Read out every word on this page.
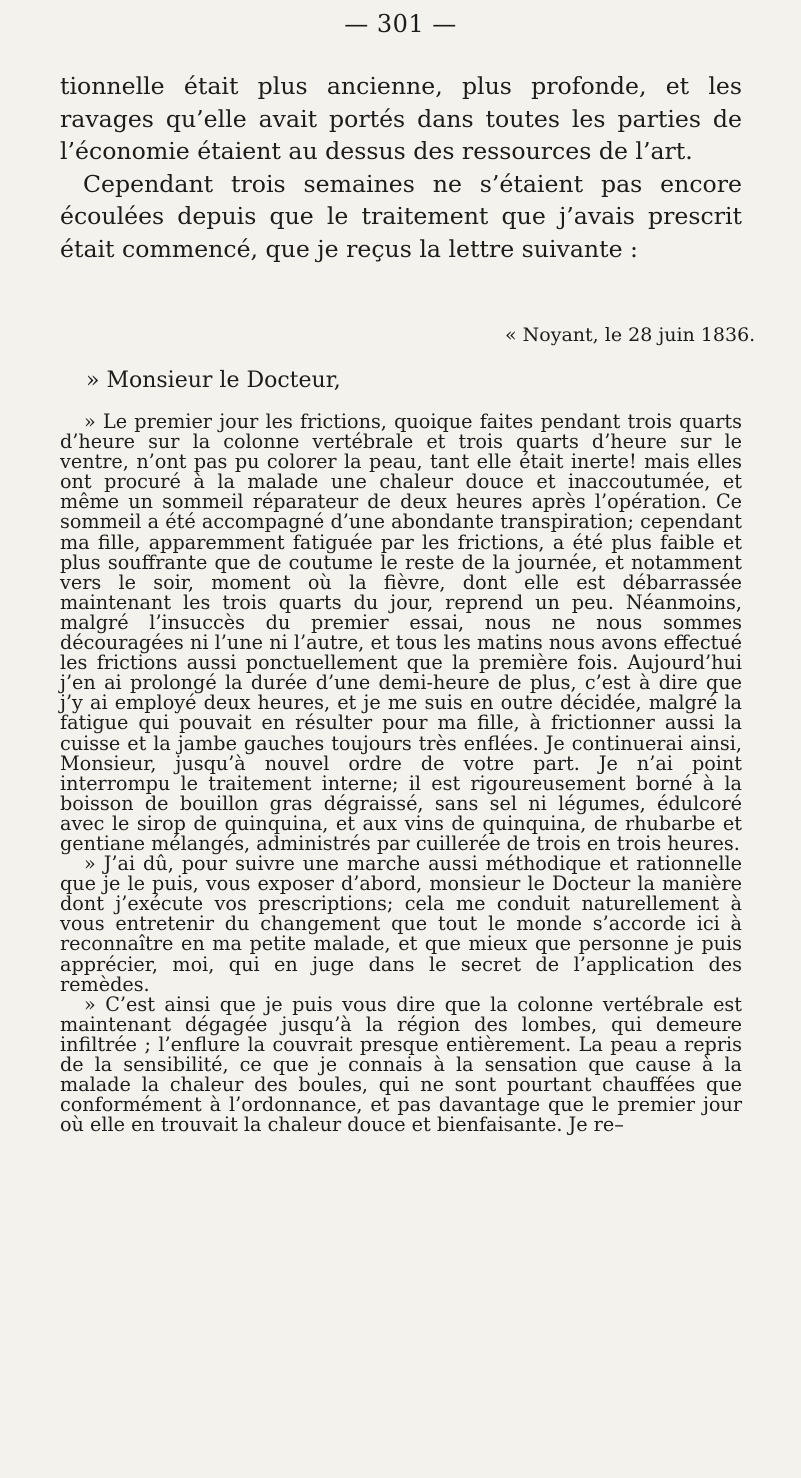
— 301 —

tionnelle était plus ancienne, plus profonde, et les ravages qu’elle avait portés dans toutes les parties de l’économie étaient au dessus des ressources de l’art.

Cependant trois semaines ne s’étaient pas encore écoulées depuis que le traitement que j’avais prescrit était commencé, que je reçus la lettre suivante :

« Noyant, le 28 juin 1836.
» Monsieur le Docteur,

» Le premier jour les frictions, quoique faites pendant trois quarts d’heure sur la colonne vertébrale et trois quarts d’heure sur le ventre, n’ont pas pu colorer la peau, tant elle était inerte! mais elles ont procuré à la malade une chaleur douce et inaccoutumée, et même un sommeil réparateur de deux heures après l’opération. Ce sommeil a été accompagné d’une abondante transpiration; cependant ma fille, apparemment fatiguée par les frictions, a été plus faible et plus souffrante que de coutume le reste de la journée, et notamment vers le soir, moment où la fièvre, dont elle est débarrassée maintenant les trois quarts du jour, reprend un peu. Néanmoins, malgré l’insuccès du premier essai, nous ne nous sommes découragées ni l’une ni l’autre, et tous les matins nous avons effectué les frictions aussi ponctuellement que la première fois. Aujourd’hui j’en ai prolongé la durée d’une demi-heure de plus, c’est à dire que j’y ai employé deux heures, et je me suis en outre décidée, malgré la fatigue qui pouvait en résulter pour ma fille, à frictionner aussi la cuisse et la jambe gauches toujours très enflées. Je continuerai ainsi, Monsieur, jusqu’à nouvel ordre de votre part. Je n’ai point interrompu le traitement interne; il est rigoureusement borné à la boisson de bouillon gras dégraissé, sans sel ni légumes, édulcoré avec le sirop de quinquina, et aux vins de quinquina, de rhubarbe et gentiane mélangés, administrés par cuillerée de trois en trois heures.

» J’ai dû, pour suivre une marche aussi méthodique et rationnelle que je le puis, vous exposer d’abord, monsieur le Docteur la manière dont j’exécute vos prescriptions; cela me conduit naturellement à vous entretenir du changement que tout le monde s’accorde ici à reconnaître en ma petite malade, et que mieux que personne je puis apprécier, moi, qui en juge dans le secret de l’application des remèdes.

» C’est ainsi que je puis vous dire que la colonne vertébrale est maintenant dégagée jusqu’à la région des lombes, qui demeure infiltrée ; l’enflure la couvrait presque entièrement. La peau a repris de la sensibilité, ce que je connais à la sensation que cause à la malade la chaleur des boules, qui ne sont pourtant chauffées que conformément à l’ordonnance, et pas davantage que le premier jour où elle en trouvait la chaleur douce et bienfaisante. Je re–
